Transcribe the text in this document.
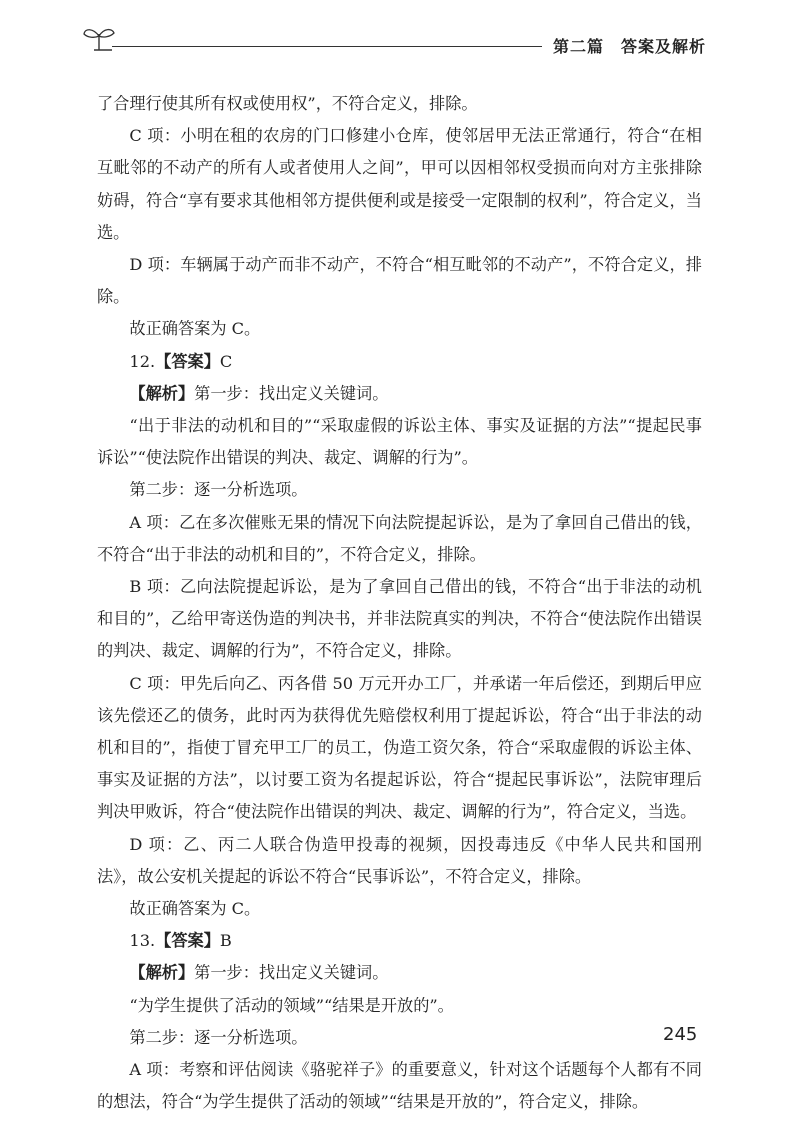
第二篇　答案及解析

了合理行使其所有权或使用权”，不符合定义，排除。

C 项：小明在租的农房的门口修建小仓库，使邻居甲无法正常通行，符合“在相互毗邻的不动产的所有人或者使用人之间”，甲可以因相邻权受损而向对方主张排除妨碍，符合“享有要求其他相邻方提供便利或是接受一定限制的权利”，符合定义，当选。

D 项：车辆属于动产而非不动产，不符合“相互毗邻的不动产”，不符合定义，排除。

故正确答案为 C。

12.【答案】C

【解析】第一步：找出定义关键词。

“出于非法的动机和目的”“采取虚假的诉讼主体、事实及证据的方法”“提起民事诉讼”“使法院作出错误的判决、裁定、调解的行为”。

第二步：逐一分析选项。

A 项：乙在多次催账无果的情况下向法院提起诉讼，是为了拿回自己借出的钱，不符合“出于非法的动机和目的”，不符合定义，排除。

B 项：乙向法院提起诉讼，是为了拿回自己借出的钱，不符合“出于非法的动机和目的”，乙给甲寄送伪造的判决书，并非法院真实的判决，不符合“使法院作出错误的判决、裁定、调解的行为”，不符合定义，排除。

C 项：甲先后向乙、丙各借 50 万元开办工厂，并承诺一年后偿还，到期后甲应该先偿还乙的债务，此时丙为获得优先赔偿权利用丁提起诉讼，符合“出于非法的动机和目的”，指使丁冒充甲工厂的员工，伪造工资欠条，符合“采取虚假的诉讼主体、事实及证据的方法”，以讨要工资为名提起诉讼，符合“提起民事诉讼”，法院审理后判决甲败诉，符合“使法院作出错误的判决、裁定、调解的行为”，符合定义，当选。

D 项：乙、丙二人联合伪造甲投毒的视频，因投毒违反《中华人民共和国刑法》，故公安机关提起的诉讼不符合“民事诉讼”，不符合定义，排除。

故正确答案为 C。

13.【答案】B

【解析】第一步：找出定义关键词。

“为学生提供了活动的领域”“结果是开放的”。

第二步：逐一分析选项。

A 项：考察和评估阅读《骆驼祥子》的重要意义，针对这个话题每个人都有不同的想法，符合“为学生提供了活动的领域”“结果是开放的”，符合定义，排除。

245
